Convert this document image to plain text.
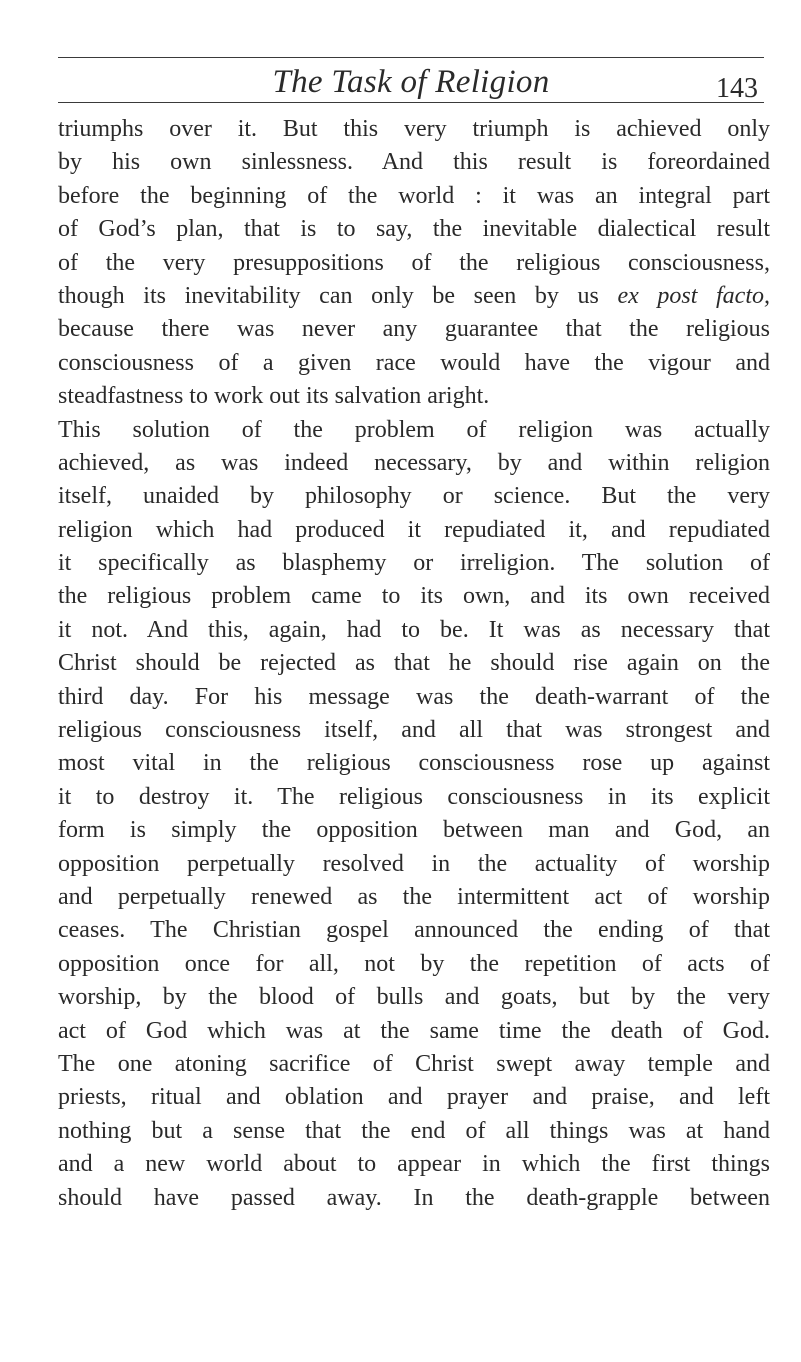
The Task of Religion	143
triumphs over it. But this very triumph is achieved only
by his own sinlessness. And this result is foreordained
before the beginning of the world : it was an integral part
of God’s plan, that is to say, the inevitable dialectical result
of the very presuppositions of the religious consciousness,
though its inevitability can only be seen by us ex post facto,
because there was never any guarantee that the religious
consciousness of a given race would have the vigour and
steadfastness to work out its salvation aright.
This solution of the problem of religion was actually
achieved, as was indeed necessary, by and within religion
itself, unaided by philosophy or science. But the very
religion which had produced it repudiated it, and repudiated
it specifically as blasphemy or irreligion. The solution of
the religious problem came to its own, and its own received
it not. And this, again, had to be. It was as necessary that
Christ should be rejected as that he should rise again on the
third day. For his message was the death-warrant of the
religious consciousness itself, and all that was strongest and
most vital in the religious consciousness rose up against
it to destroy it. The religious consciousness in its explicit
form is simply the opposition between man and God, an
opposition perpetually resolved in the actuality of worship
and perpetually renewed as the intermittent act of worship
ceases. The Christian gospel announced the ending of that
opposition once for all, not by the repetition of acts of
worship, by the blood of bulls and goats, but by the very
act of God which was at the same time the death of God.
The one atoning sacrifice of Christ swept away temple and
priests, ritual and oblation and prayer and praise, and left
nothing but a sense that the end of all things was at hand
and a new world about to appear in which the first things
should have passed away. In the death-grapple between
